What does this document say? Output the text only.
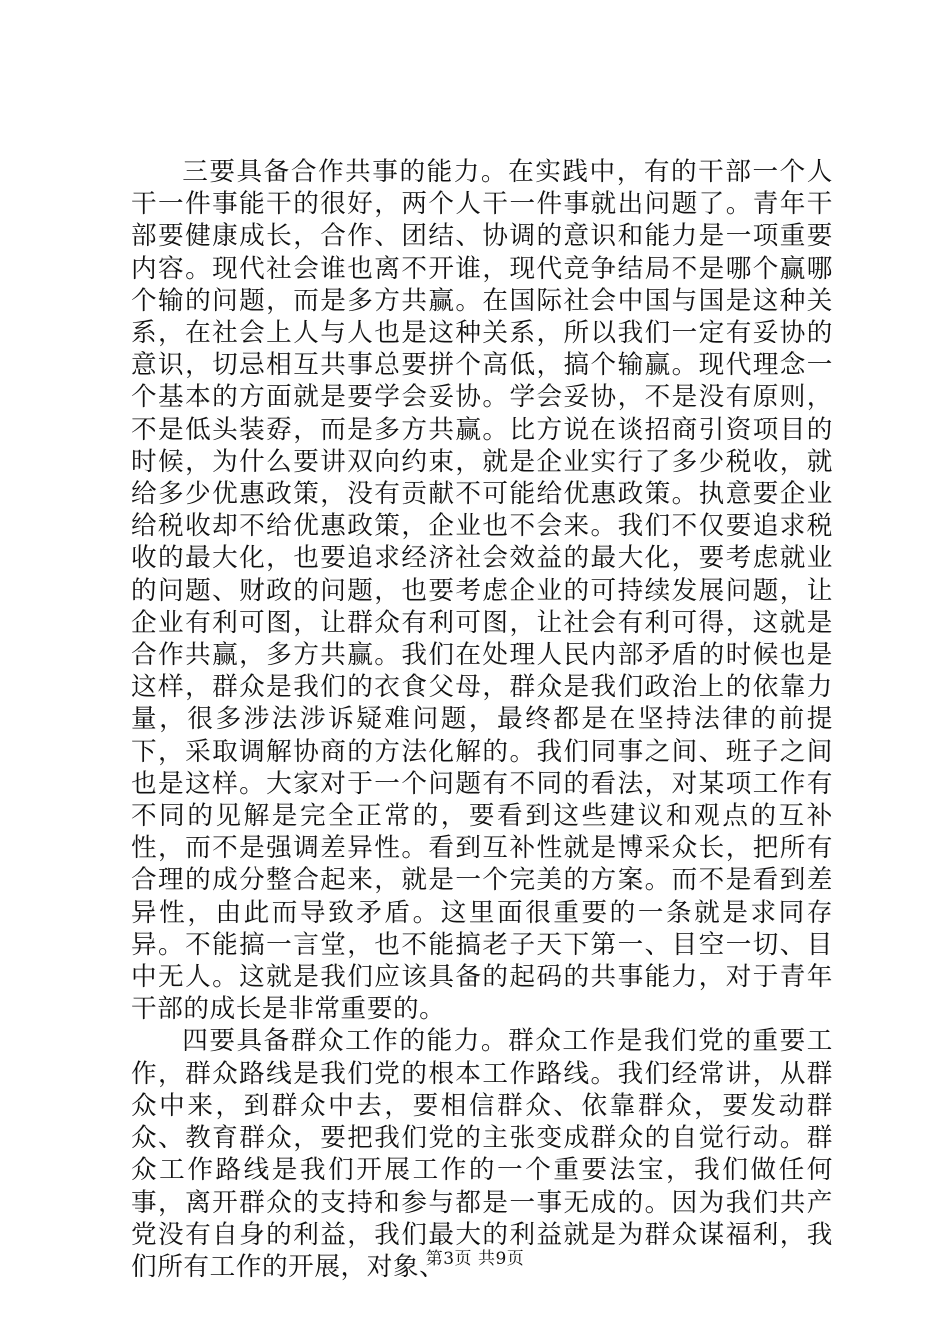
三要具备合作共事的能力。在实践中，有的干部一个人干一件事能干的很好，两个人干一件事就出问题了。青年干部要健康成长，合作、团结、协调的意识和能力是一项重要内容。现代社会谁也离不开谁，现代竞争结局不是哪个赢哪个输的问题，而是多方共赢。在国际社会中国与国是这种关系，在社会上人与人也是这种关系，所以我们一定有妥协的意识，切忌相互共事总要拼个高低，搞个输赢。现代理念一个基本的方面就是要学会妥协。学会妥协，不是没有原则，不是低头装孬，而是多方共赢。比方说在谈招商引资项目的时候，为什么要讲双向约束，就是企业实行了多少税收，就给多少优惠政策，没有贡献不可能给优惠政策。执意要企业给税收却不给优惠政策，企业也不会来。我们不仅要追求税收的最大化，也要追求经济社会效益的最大化，要考虑就业的问题、财政的问题，也要考虑企业的可持续发展问题，让企业有利可图，让群众有利可图，让社会有利可得，这就是合作共赢，多方共赢。我们在处理人民内部矛盾的时候也是这样，群众是我们的衣食父母，群众是我们政治上的依靠力量，很多涉法涉诉疑难问题，最终都是在坚持法律的前提下，采取调解协商的方法化解的。我们同事之间、班子之间也是这样。大家对于一个问题有不同的看法，对某项工作有不同的见解是完全正常的，要看到这些建议和观点的互补性，而不是强调差异性。看到互补性就是博采众长，把所有合理的成分整合起来，就是一个完美的方案。而不是看到差异性，由此而导致矛盾。这里面很重要的一条就是求同存异。不能搞一言堂，也不能搞老子天下第一、目空一切、目中无人。这就是我们应该具备的起码的共事能力，对于青年干部的成长是非常重要的。

四要具备群众工作的能力。群众工作是我们党的重要工作，群众路线是我们党的根本工作路线。我们经常讲，从群众中来，到群众中去，要相信群众、依靠群众，要发动群众、教育群众，要把我们党的主张变成群众的自觉行动。群众工作路线是我们开展工作的一个重要法宝，我们做任何事，离开群众的支持和参与都是一事无成的。因为我们共产党没有自身的利益，我们最大的利益就是为群众谋福利，我们所有工作的开展，对象、

第3页 共9页
